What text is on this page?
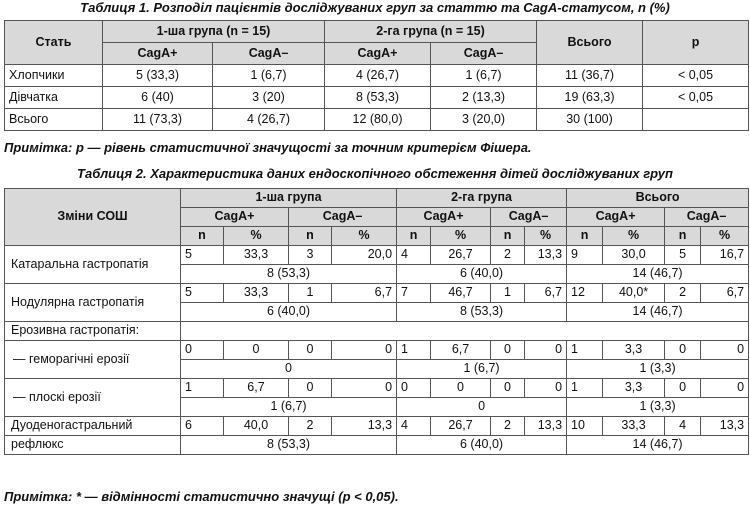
Таблиця 1. Розподіл пацієнтів досліджуваних груп за статтю та CagA-статусом, n (%)
Стать	1-ша група (n = 15)		2-га група (n = 15)		Всього	p
	CagA+	CagA–	CagA+	CagA–		
Хлопчики	5 (33,3)	1 (6,7)	4 (26,7)	1 (6,7)	11 (36,7)	< 0,05
Дівчатка	6 (40)	3 (20)	8 (53,3)	2 (13,3)	19 (63,3)	< 0,05
Всього	11 (73,3)	4 (26,7)	12 (80,0)	3 (20,0)	30 (100)	
Примітка: p — рівень статистичної значущості за точним критерієм Фішера.
Таблиця 2. Характеристика даних ендоскопічного обстеження дітей досліджуваних груп
Зміни СОШ	1-ша група				2-га група				Всього			
	CagA+		CagA–		CagA+		CagA–		CagA+		CagA–	
	n	%	n	%	n	%	n	%	n	%	n	%
Катаральна гастропатія	5	33,3	3	20,0	4	26,7	2	13,3	9	30,0	5	16,7
	8 (53,3)				6 (40,0)				14 (46,7)			
Нодулярна гастропатія	5	33,3	1	6,7	7	46,7	1	6,7	12	40,0*	2	6,7
	6 (40,0)				8 (53,3)				14 (46,7)			
Ерозивна гастропатія:												
— геморагічні ерозії	0	0	0	0	1	6,7	0	0	1	3,3	0	0
	0				1 (6,7)				1 (3,3)			
— плоскі ерозії	1	6,7	0	0	0	0	0	0	1	3,3	0	0
	1 (6,7)				0				1 (3,3)			
Дуоденогастральний	6	40,0	2	13,3	4	26,7	2	13,3	10	33,3	4	13,3
рефлюкс	8 (53,3)				6 (40,0)				14 (46,7)			
Примітка: * — відмінності статистично значущі (p < 0,05).
